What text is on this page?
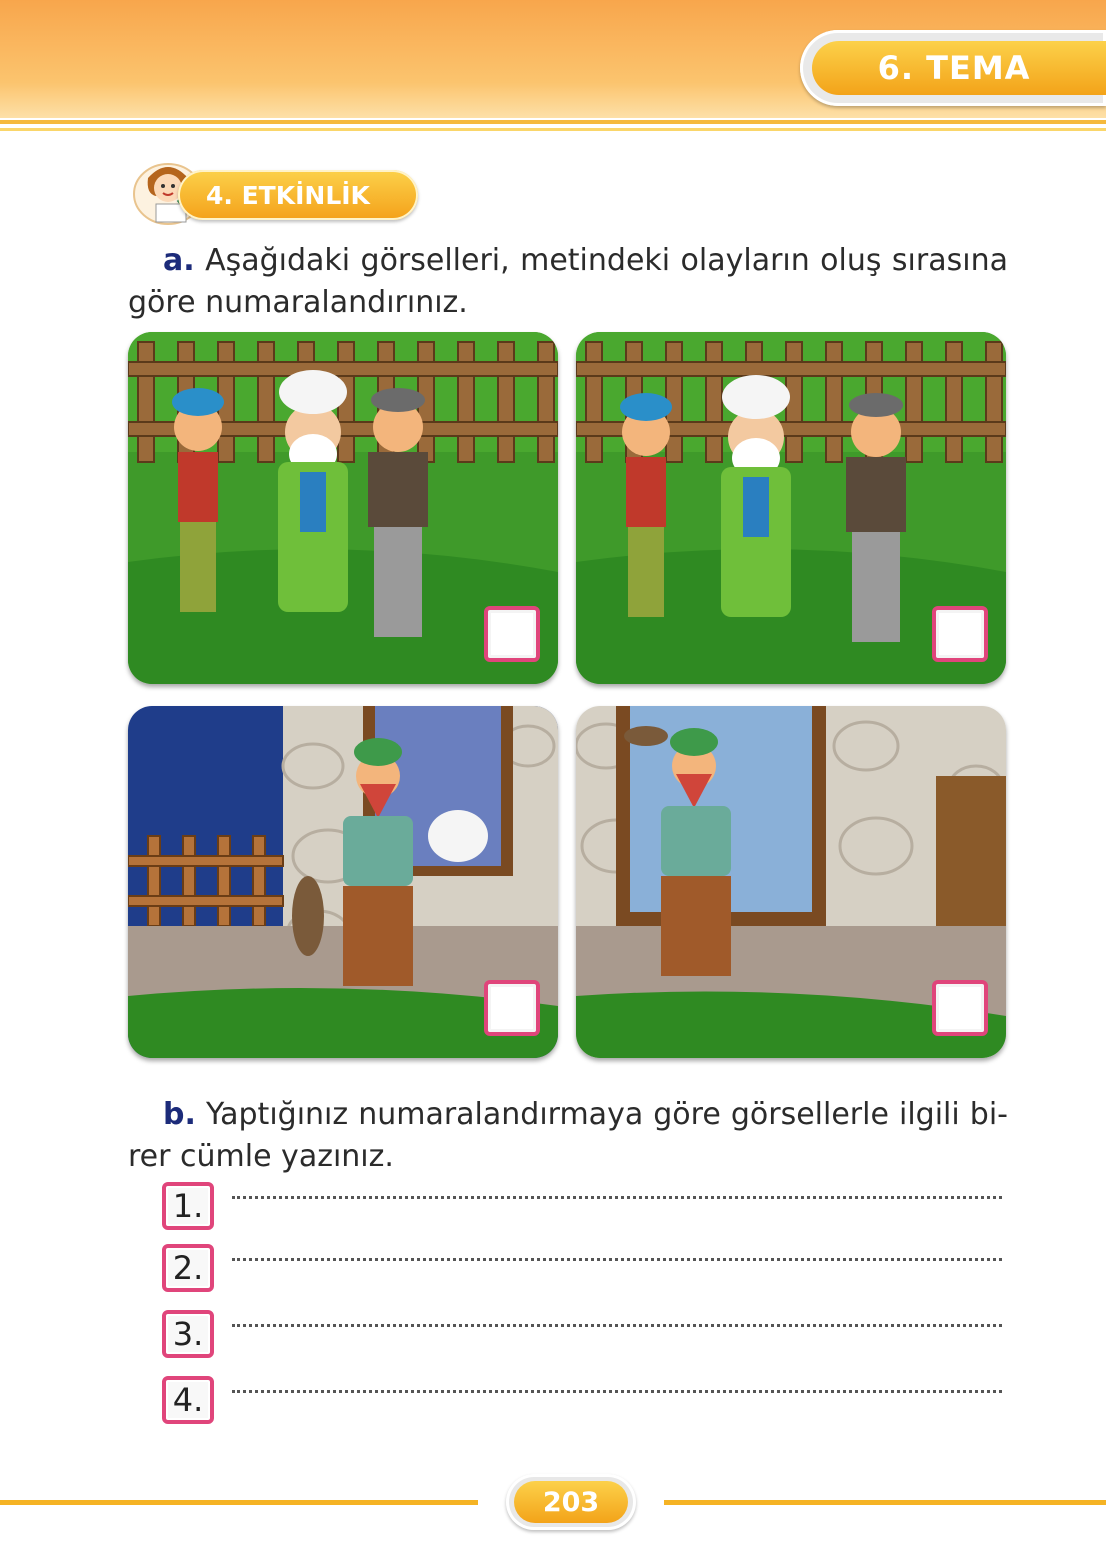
6. TEMA
4. ETKİNLİK
a. Aşağıdaki görselleri, metindeki olayların oluş sırasına
göre numaralandırınız.
b. Yaptığınız numaralandırmaya göre görsellerle ilgili bi-
rer cümle yazınız.
1.
2.
3.
4.
203
